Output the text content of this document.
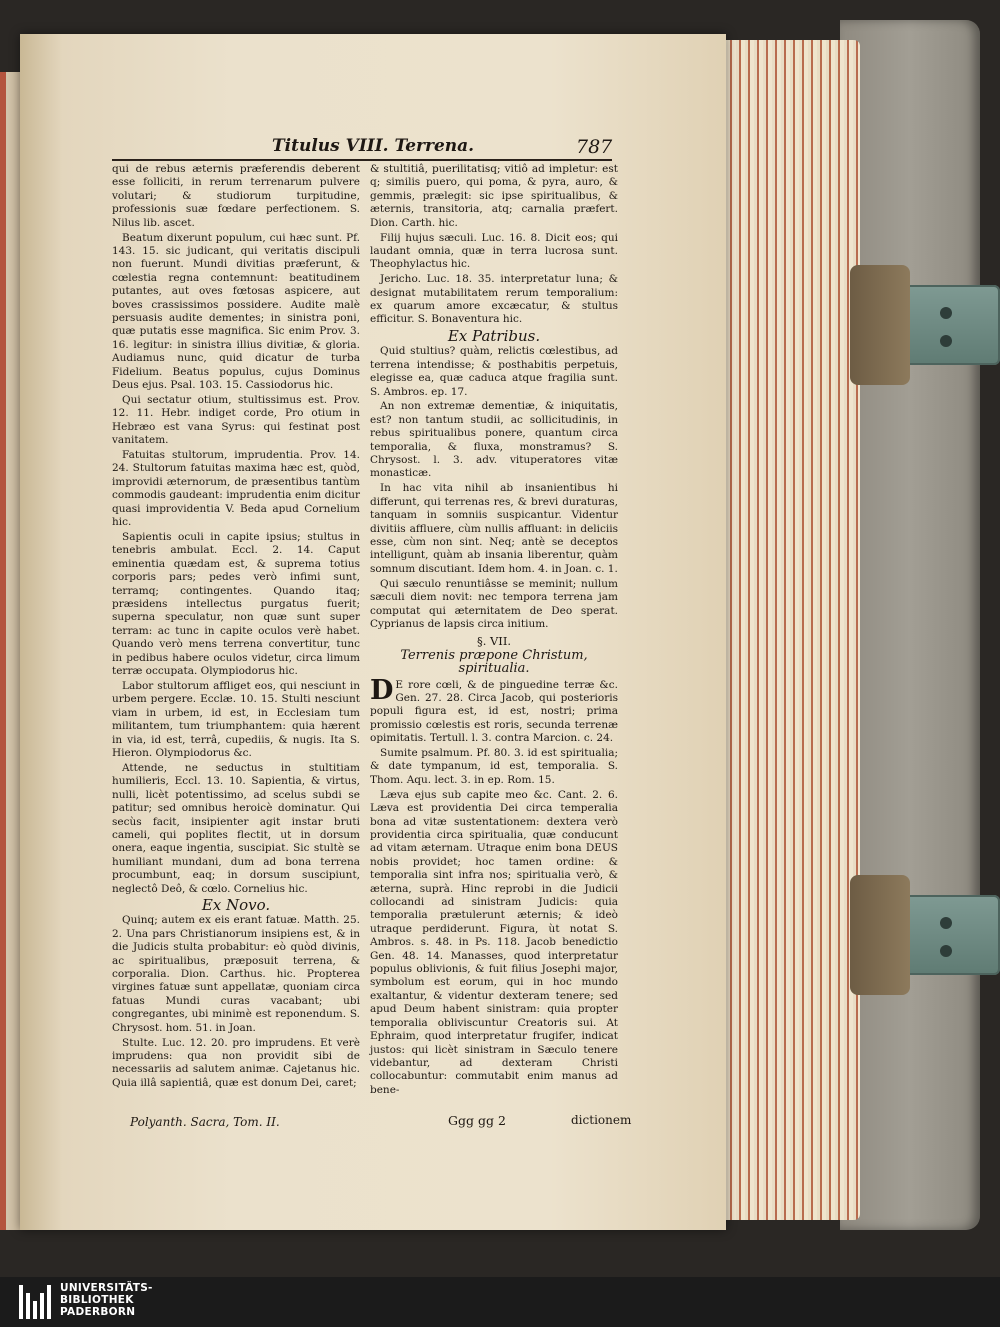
Titulus VIII. Terrena.	787

qui de rebus æternis præferendis deberent esse folliciti, in rerum terrenarum pulvere volutari; & studiorum turpitudine, professionis suæ fœdare perfectionem. S. Nilus lib. ascet.

Beatum dixerunt populum, cui hæc sunt. Pf. 143. 15. sic judicant, qui veritatis discipuli non fuerunt. Mundi divitias præferunt, & cœlestia regna contemnunt: beatitudinem putantes, aut oves fœtosas aspicere, aut boves crassissimos possidere. Audite malè persuasis audite dementes; in sinistra poni, quæ putatis esse magnifica. Sic enim Prov. 3. 16. legitur: in sinistra illius divitiæ, & gloria. Audiamus nunc, quid dicatur de turba Fidelium. Beatus populus, cujus Dominus Deus ejus. Psal. 103. 15. Cassiodorus hic.

Qui sectatur otium, stultissimus est. Prov. 12. 11. Hebr. indiget corde, Pro otium in Hebræo est vana Syrus: qui festinat post vanitatem.

Fatuitas stultorum, imprudentia. Prov. 14. 24. Stultorum fatuitas maxima hæc est, quòd, improvidi æternorum, de præsentibus tantùm commodis gaudeant: imprudentia enim dicitur quasi improvidentia V. Beda apud Cornelium hic.

Sapientis oculi in capite ipsius; stultus in tenebris ambulat. Eccl. 2. 14. Caput eminentia quædam est, & suprema totius corporis pars; pedes verò infimi sunt, terramq; contingentes. Quando itaq; præsidens intellectus purgatus fuerit; superna speculatur, non quæ sunt super terram: ac tunc in capite oculos verè habet. Quando verò mens terrena convertitur, tunc in pedibus habere oculos videtur, circa limum terræ occupata. Olympiodorus hic.

Labor stultorum affliget eos, qui nesciunt in urbem pergere. Ecclæ. 10. 15. Stulti nesciunt viam in urbem, id est, in Ecclesiam tum militantem, tum triumphantem: quia hærent in via, id est, terrâ, cupediis, & nugis. Ita S. Hieron. Olympiodorus &c.

Attende, ne seductus in stultitiam humilieris, Eccl. 13. 10. Sapientia, & virtus, nulli, licèt potentissimo, ad scelus subdi se patitur; sed omnibus heroicè dominatur. Qui secùs facit, insipienter agit instar bruti cameli, qui poplites flectit, ut in dorsum onera, eaque ingentia, suscipiat. Sic stultè se humiliant mundani, dum ad bona terrena procumbunt, eaq; in dorsum suscipiunt, neglectô Deô, & cœlo. Cornelius hic.

Ex Novo.

Quinq; autem ex eis erant fatuæ. Matth. 25. 2. Una pars Christianorum insipiens est, & in die Judicis stulta probabitur: eò quòd divinis, ac spiritualibus, præposuit terrena, & corporalia. Dion. Carthus. hic. Propterea virgines fatuæ sunt appellatæ, quoniam circa fatuas Mundi curas vacabant; ubi congregantes, ubi minimè est reponendum. S. Chrysost. hom. 51. in Joan.

Stulte. Luc. 12. 20. pro imprudens. Et verè imprudens: qua non providit sibi de necessariis ad salutem animæ. Cajetanus hic. Quia illâ sapientiâ, quæ est donum Dei, caret;

& stultitiâ, puerilitatisq; vitiô ad impletur: est q; similis puero, qui poma, & pyra, auro, & gemmis, prælegit: sic ipse spiritualibus, & æternis, transitoria, atq; carnalia præfert. Dion. Carth. hic.

Filij hujus sæculi. Luc. 16. 8. Dicit eos; qui laudant omnia, quæ in terra lucrosa sunt. Theophylactus hic.

Jericho. Luc. 18. 35. interpretatur luna; & designat mutabilitatem rerum temporalium: ex quarum amore excæcatur, & stultus efficitur. S. Bonaventura hic.

Ex Patribus.

Quid stultius? quàm, relictis cœlestibus, ad terrena intendisse; & posthabitis perpetuis, elegisse ea, quæ caduca atque fragilia sunt. S. Ambros. ep. 17.

An non extremæ dementiæ, & iniquitatis, est? non tantum studii, ac sollicitudinis, in rebus spiritualibus ponere, quantum circa temporalia, & fluxa, monstramus? S. Chrysost. l. 3. adv. vituperatores vitæ monasticæ.

In hac vita nihil ab insanientibus hi differunt, qui terrenas res, & brevi duraturas, tanquam in somniis suspicantur. Videntur divitiis affluere, cùm nullis affluant: in deliciis esse, cùm non sint. Neq; antè se deceptos intelligunt, quàm ab insania liberentur, quàm somnum discutiant. Idem hom. 4. in Joan. c. 1.

Qui sæculo renuntiâsse se meminit; nullum sæculi diem novit: nec tempora terrena jam computat qui æternitatem de Deo sperat. Cyprianus de lapsis circa initium.

§. VII.
Terrenis præpone Christum, spiritualia.

D E rore cœli, & de pinguedine terræ &c. Gen. 27. 28. Circa Jacob, qui posterioris populi figura est, id est, nostri; prima promissio cœlestis est roris, secunda terrenæ opimitatis. Tertull. l. 3. contra Marcion. c. 24.

Sumite psalmum. Pf. 80. 3. id est spiritualia; & date tympanum, id est, temporalia. S. Thom. Aqu. lect. 3. in ep. Rom. 15.

Læva ejus sub capite meo &c. Cant. 2. 6. Læva est providentia Dei circa temperalia bona ad vitæ sustentationem: dextera verò providentia circa spiritualia, quæ conducunt ad vitam æternam. Utraque enim bona DEUS nobis providet; hoc tamen ordine: & temporalia sint infra nos; spiritualia verò, & æterna, suprà. Hinc reprobi in die Judicii collocandi ad sinistram Judicis: quia temporalia prætulerunt æternis; & ideò utraque perdiderunt. Figura, ùt notat S. Ambros. s. 48. in Ps. 118. Jacob benedictio Gen. 48. 14. Manasses, quod interpretatur populus oblivionis, & fuit filius Josephi major, symbolum est eorum, qui in hoc mundo exaltantur, & videntur dexteram tenere; sed apud Deum habent sinistram: quia propter temporalia obliviscuntur Creatoris sui. At Ephraim, quod interpretatur frugifer, indicat justos: qui licèt sinistram in Sæculo tenere videbantur, ad dexteram Christi collocabuntur: commutabit enim manus ad bene-

Polyanth. Sacra, Tom. II.	Ggg gg 2	dictionem
UNIVERSITÄTS-
BIBLIOTHEK
PADERBORN
